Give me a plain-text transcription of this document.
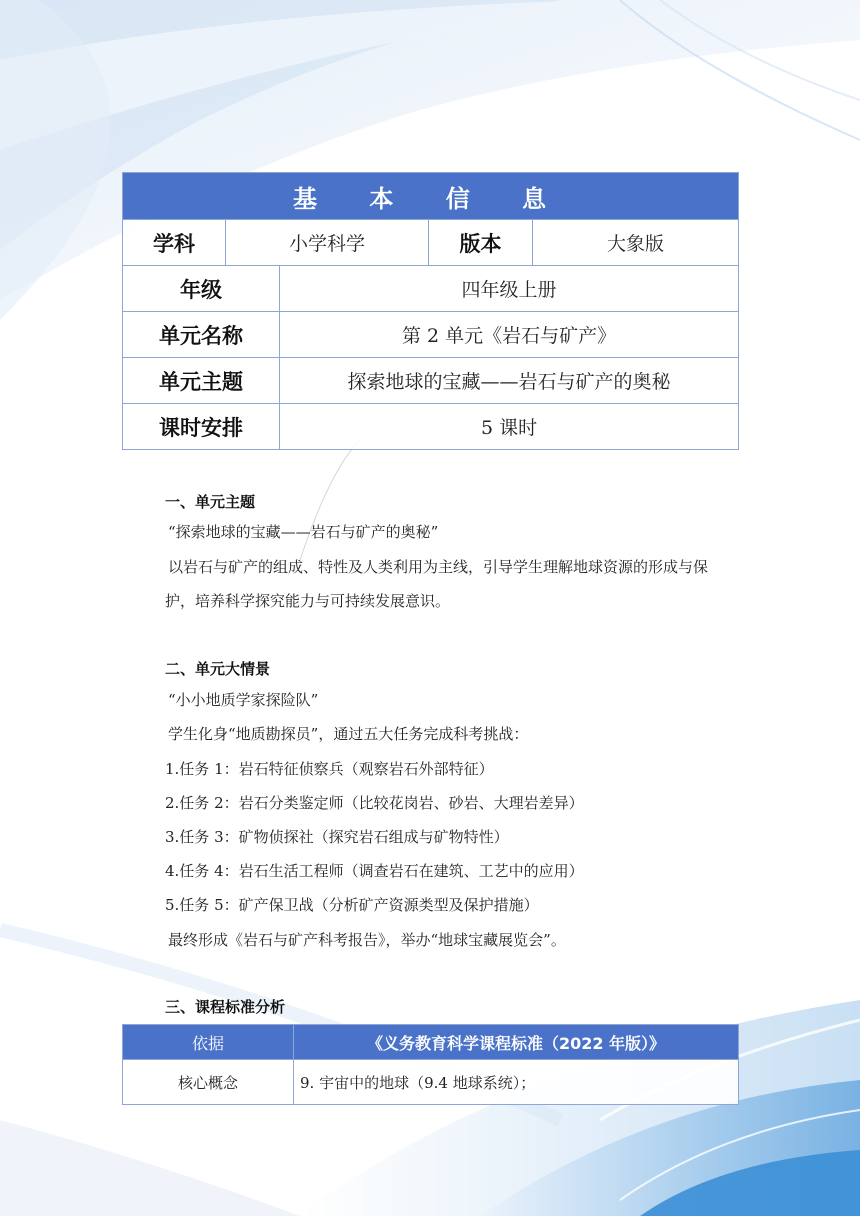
基 本 信 息				
学科	小学科学		版本	大象版
年级		四年级上册		
单元名称		第 2 单元《岩石与矿产》		
单元主题		探索地球的宝藏——岩石与矿产的奥秘		
课时安排		5 课时		
一、单元主题
“探索地球的宝藏——岩石与矿产的奥秘”
以岩石与矿产的组成、特性及人类利用为主线，引导学生理解地球资源的形成与保护，培养科学探究能力与可持续发展意识。
二、单元大情景
“小小地质学家探险队”
学生化身“地质勘探员”，通过五大任务完成科考挑战：
1.任务 1：岩石特征侦察兵（观察岩石外部特征）
2.任务 2：岩石分类鉴定师（比较花岗岩、砂岩、大理岩差异）
3.任务 3：矿物侦探社（探究岩石组成与矿物特性）
4.任务 4：岩石生活工程师（调查岩石在建筑、工艺中的应用）
5.任务 5：矿产保卫战（分析矿产资源类型及保护措施）
最终形成《岩石与矿产科考报告》，举办“地球宝藏展览会”。
三、课程标准分析
依据	《义务教育科学课程标准（2022 年版）》
核心概念	9. 宇宙中的地球（9.4 地球系统）；
